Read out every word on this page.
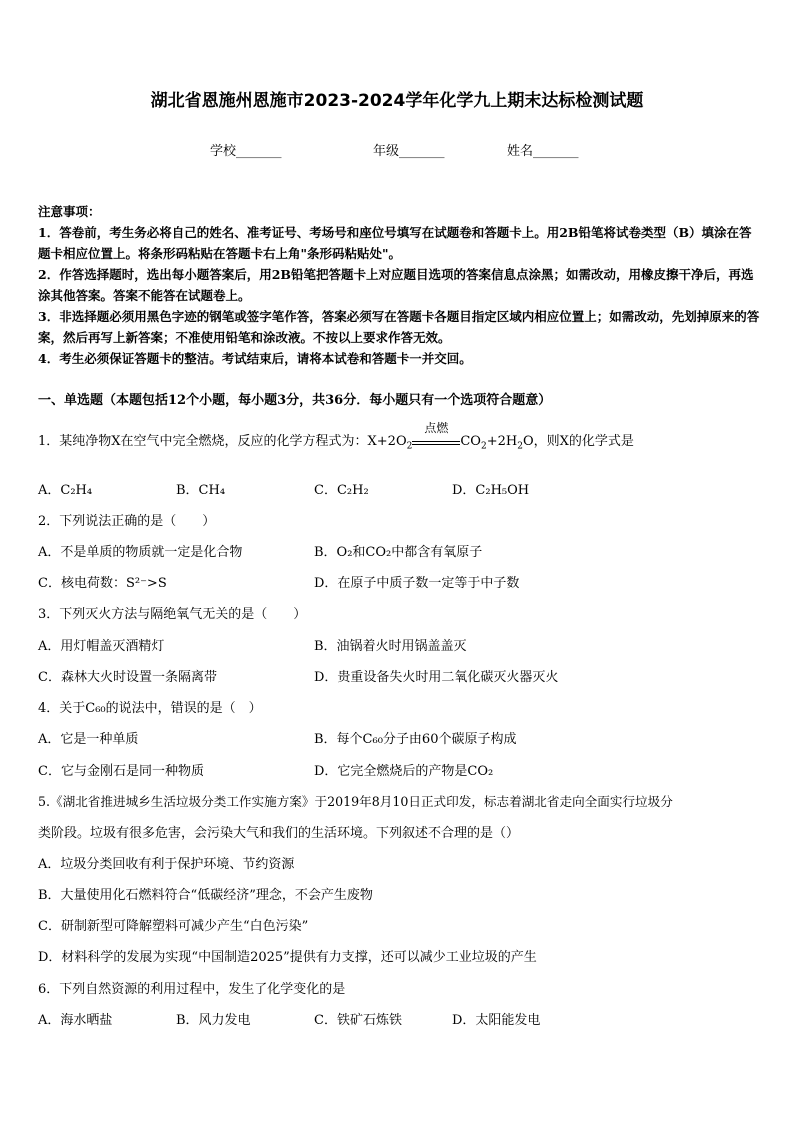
湖北省恩施州恩施市2023-2024学年化学九上期末达标检测试题
学校_______	年级_______	姓名_______
注意事项：
1．答卷前，考生务必将自己的姓名、准考证号、考场号和座位号填写在试题卷和答题卡上。用2B铅笔将试卷类型（B）填涂在答题卡相应位置上。将条形码粘贴在答题卡右上角"条形码粘贴处"。
2．作答选择题时，选出每小题答案后，用2B铅笔把答题卡上对应题目选项的答案信息点涂黑；如需改动，用橡皮擦干净后，再选涂其他答案。答案不能答在试题卷上。
3．非选择题必须用黑色字迹的钢笔或签字笔作答，答案必须写在答题卡各题目指定区域内相应位置上；如需改动，先划掉原来的答案，然后再写上新答案；不准使用铅笔和涂改液。不按以上要求作答无效。
4．考生必须保证答题卡的整洁。考试结束后，请将本试卷和答题卡一并交回。
一、单选题（本题包括12个小题，每小题3分，共36分．每小题只有一个选项符合题意）
1．某纯净物X在空气中完全燃烧，反应的化学方程式为：$X+2O_2$
点燃
$CO_2+2H_2O$，则X的化学式是
A．C₂H₄	B．CH₄	C．C₂H₂	D．C₂H₅OH
2．下列说法正确的是（　　）
A．不是单质的物质就一定是化合物	B．O₂和CO₂中都含有氧原子
C．核电荷数：S²⁻>S	D．在原子中质子数一定等于中子数
3．下列灭火方法与隔绝氧气无关的是（　　）
A．用灯帽盖灭酒精灯	B．油锅着火时用锅盖盖灭
C．森林大火时设置一条隔离带	D．贵重设备失火时用二氧化碳灭火器灭火
4．关于C₆₀的说法中，错误的是（　）
A．它是一种单质	B．每个C₆₀分子由60个碳原子构成
C．它与金刚石是同一种物质	D．它完全燃烧后的产物是CO₂
5.《湖北省推进城乡生活垃圾分类工作实施方案》于2019年8月10日正式印发，标志着湖北省走向全面实行垃圾分
类阶段。垃圾有很多危害，会污染大气和我们的生活环境。下列叙述不合理的是（）
A．垃圾分类回收有利于保护环境、节约资源
B．大量使用化石燃料符合“低碳经济”理念，不会产生废物
C．研制新型可降解塑料可减少产生“白色污染”
D．材料科学的发展为实现“中国制造2025”提供有力支撑，还可以减少工业垃圾的产生
6．下列自然资源的利用过程中，发生了化学变化的是
A．海水晒盐	B．风力发电	C．铁矿石炼铁	D．太阳能发电
